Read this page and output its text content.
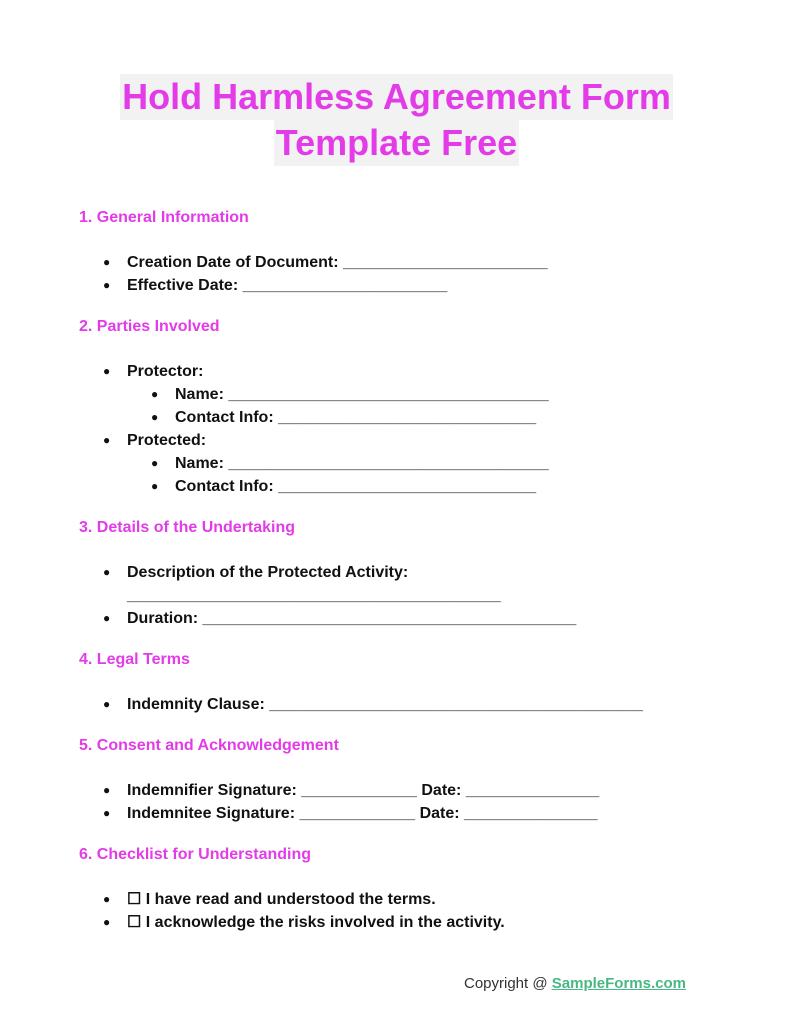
Hold Harmless Agreement Form
Template Free

1. General Information

● Creation Date of Document: _______________________
● Effective Date: _______________________

2. Parties Involved

● Protector:
● Name: ____________________________________
● Contact Info: _____________________________
● Protected:
● Name: ____________________________________
● Contact Info: _____________________________

3. Details of the Undertaking

● Description of the Protected Activity:
__________________________________________
● Duration: __________________________________________

4. Legal Terms

● Indemnity Clause: __________________________________________

5. Consent and Acknowledgement

● Indemnifier Signature: _____________ Date: _______________
● Indemnitee Signature: _____________ Date: _______________

6. Checklist for Understanding

● ☐ I have read and understood the terms.
● ☐ I acknowledge the risks involved in the activity.
Copyright @ SampleForms.com
